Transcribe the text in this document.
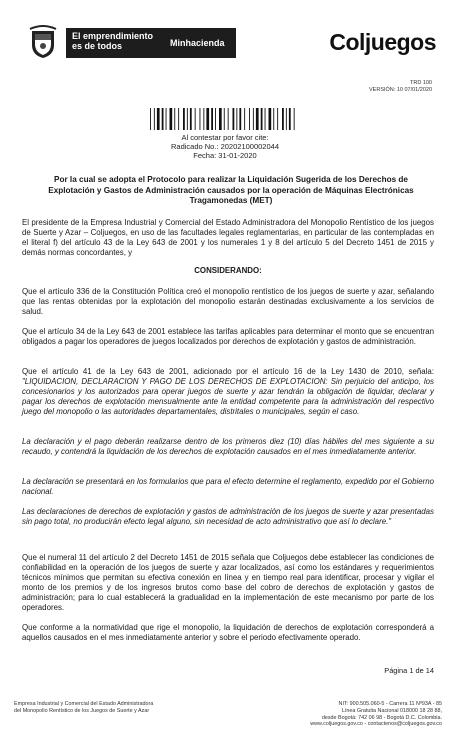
El emprendimiento es de todos	Minhacienda	Coljuegos
TRD 100
VERSIÓN: 10 07/01/2020
Al contestar por favor cite:
Radicado No.: 20202100002044
Fecha: 31-01-2020
Por la cual se adopta el Protocolo para realizar la Liquidación Sugerida de los Derechos de Explotación y Gastos de Administración causados por la operación de Máquinas Electrónicas Tragamonedas (MET)
El presidente de la Empresa Industrial y Comercial del Estado Administradora del Monopolio Rentístico de los juegos de Suerte y Azar – Coljuegos, en uso de las facultades legales reglamentarias, en particular de las contempladas en el literal f) del artículo 43 de la Ley 643 de 2001 y los numerales 1 y 8 del artículo 5 del Decreto 1451 de 2015 y demás normas concordantes, y
CONSIDERANDO:
Que el artículo 336 de la Constitución Política creó el monopolio rentístico de los juegos de suerte y azar, señalando que las rentas obtenidas por la explotación del monopolio estarán destinadas exclusivamente a los servicios de salud.
Que el artículo 34 de la Ley 643 de 2001 establece las tarifas aplicables para determinar el monto que se encuentran obligados a pagar los operadores de juegos localizados por derechos de explotación y gastos de administración.
Que el artículo 41 de la Ley 643 de 2001, adicionado por el artículo 16 de la Ley 1430 de 2010, señala: "LIQUIDACION, DECLARACION Y PAGO DE LOS DERECHOS DE EXPLOTACION: Sin perjuicio del anticipo, los concesionarios y los autorizados para operar juegos de suerte y azar tendrán la obligación de liquidar, declarar y pagar los derechos de explotación mensualmente ante la entidad competente para la administración del respectivo juego del monopolio o las autoridades departamentales, distritales o municipales, según el caso.
La declaración y el pago deberán realizarse dentro de los primeros diez (10) días hábiles del mes siguiente a su recaudo, y contendrá la liquidación de los derechos de explotación causados en el mes inmediatamente anterior.
La declaración se presentará en los formularios que para el efecto determine el reglamento, expedido por el Gobierno nacional.
Las declaraciones de derechos de explotación y gastos de administración de los juegos de suerte y azar presentadas sin pago total, no producirán efecto legal alguno, sin necesidad de acto administrativo que así lo declare."
Que el numeral 11 del artículo 2 del Decreto 1451 de 2015 señala que Coljuegos debe establecer las condiciones de confiabilidad en la operación de los juegos de suerte y azar localizados, así como los estándares y requerimientos técnicos mínimos que permitan su efectiva conexión en línea y en tiempo real para identificar, procesar y vigilar el monto de los premios y de los ingresos brutos como base del cobro de derechos de explotación y gastos de administración; para lo cual establecerá la gradualidad en la implementación de este mecanismo por parte de los operadores.
Que conforme a la normatividad que rige el monopolio, la liquidación de derechos de explotación corresponderá a aquellos causados en el mes inmediatamente anterior y sobre el periodo efectivamente operado.
Página 1 de 14
Empresa Industrial y Comercial del Estado Administradora
del Monopolio Rentístico de los Juegos de Suerte y Azar
NIT: 900.505.060-5 - Carrera 11 Nº93A - 85
Línea Gratuita Nacional 018000 18 28 88,
desde Bogotá: 742 06 98 - Bogotá D.C. Colombia.
www.coljuegos.gov.co - contactenos@coljuegos.gov.co
